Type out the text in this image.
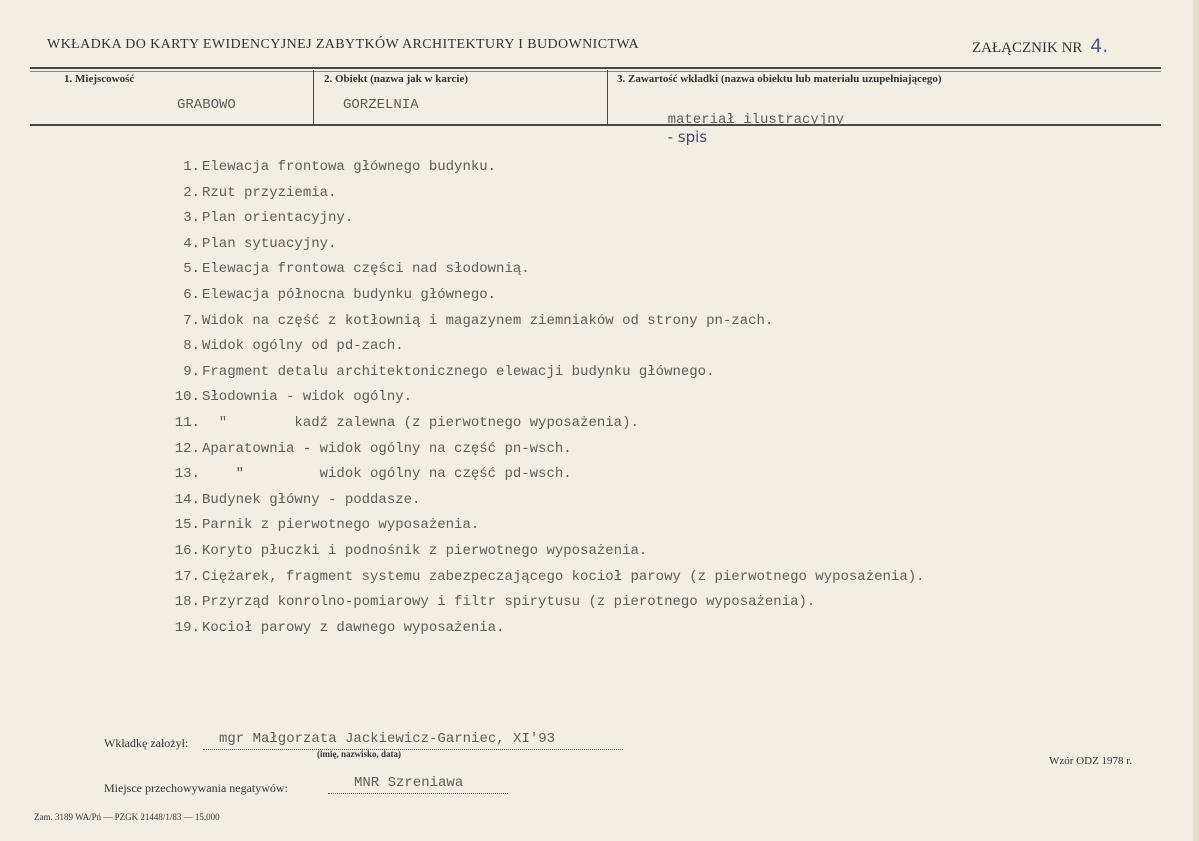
WKŁADKA DO KARTY EWIDENCYJNEJ ZABYTKÓW ARCHITEKTURY I BUDOWNICTWA	ZAŁĄCZNIK NR 4.
1. Miejscowość	2. Obiekt (nazwa jak w karcie)	3. Zawartość wkładki (nazwa obiektu lub materiału uzupełniającego)
GRABOWO	GORZELNIA

materiał ilustracyjny
- spis

1. Elewacja frontowa głównego budynku.
2. Rzut przyziemia.
3. Plan orientacyjny.
4. Plan sytuacyjny.
5. Elewacja frontowa części nad słodownią.
6. Elewacja północna budynku głównego.
7. Widok na część z kotłownią i magazynem ziemniaków od strony pn-zach.
8. Widok ogólny od pd-zach.
9. Fragment detalu architektonicznego elewacji budynku głównego.
10. Słodownia - widok ogólny.
11.  "        kadź zalewna (z pierwotnego wyposażenia).
12. Aparatownia - widok ogólny na część pn-wsch.
13.    "         widok ogólny na część pd-wsch.
14. Budynek główny - poddasze.
15. Parnik z pierwotnego wyposażenia.
16. Koryto płuczki i podnośnik z pierwotnego wyposażenia.
17. Ciężarek, fragment systemu zabezpeczającego kocioł parowy (z pierwotnego wyposażenia).
18. Przyrząd konrolno-pomiarowy i filtr spirytusu (z pierotnego wyposażenia).
19. Kocioł parowy z dawnego wyposażenia.
Wkładkę założył: mgr Małgorzata Jackiewicz-Garniec, XI'93
(imię, nazwisko, data)
Miejsce przechowywania negatywów:	MNR Szreniawa
Wzór ODZ 1978 r.
Zam. 3189 WA/Pń — PZGK 21448/1/83 — 15.000
